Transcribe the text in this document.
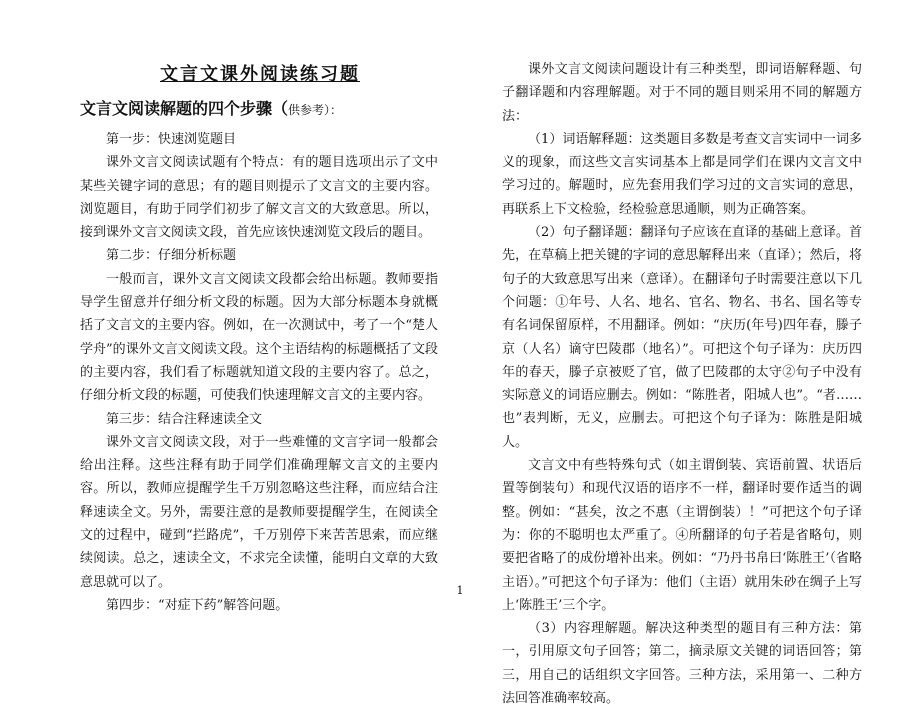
文言文课外阅读练习题
文言文阅读解题的四个步骤（供参考）：

第一步：快速浏览题目

课外文言文阅读试题有个特点：有的题目选项出示了文中某些关键字词的意思；有的题目则提示了文言文的主要内容。浏览题目，有助于同学们初步了解文言文的大致意思。所以，接到课外文言文阅读文段，首先应该快速浏览文段后的题目。

第二步：仔细分析标题

一般而言，课外文言文阅读文段都会给出标题。教师要指导学生留意并仔细分析文段的标题。因为大部分标题本身就概括了文言文的主要内容。例如，在一次测试中，考了一个“楚人学舟”的课外文言文阅读文段。这个主语结构的标题概括了文段的主要内容，我们看了标题就知道文段的主要内容了。总之，仔细分析文段的标题，可使我们快速理解文言文的主要内容。

第三步：结合注释速读全文

课外文言文阅读文段，对于一些难懂的文言字词一般都会给出注释。这些注释有助于同学们准确理解文言文的主要内容。所以，教师应提醒学生千万别忽略这些注释，而应结合注释速读全文。另外，需要注意的是教师要提醒学生，在阅读全文的过程中，碰到“拦路虎”，千万别停下来苦苦思索，而应继续阅读。总之，速读全文，不求完全读懂，能明白文章的大致意思就可以了。

第四步：“对症下药”解答问题。

课外文言文阅读问题设计有三种类型，即词语解释题、句子翻译题和内容理解题。对于不同的题目则采用不同的解题方法：

（1）词语解释题：这类题目多数是考查文言实词中一词多义的现象，而这些文言实词基本上都是同学们在课内文言文中学习过的。解题时，应先套用我们学习过的文言实词的意思，再联系上下文检验，经检验意思通顺，则为正确答案。

（2）句子翻译题：翻译句子应该在直译的基础上意译。首先，在草稿上把关键的字词的意思解释出来（直译）；然后，将句子的大致意思写出来（意译）。在翻译句子时需要注意以下几个问题：①年号、人名、地名、官名、物名、书名、国名等专有名词保留原样，不用翻译。例如：“庆历(年号)四年春，滕子京（人名）谪守巴陵郡（地名）”。可把这个句子译为：庆历四年的春天，滕子京被贬了官，做了巴陵郡的太守②句子中没有实际意义的词语应删去。例如：“陈胜者，阳城人也”。“者……也”表判断，无义，应删去。可把这个句子译为：陈胜是阳城人。

文言文中有些特殊句式（如主谓倒装、宾语前置、状语后置等倒装句）和现代汉语的语序不一样，翻译时要作适当的调整。例如：“甚矣，汝之不惠（主谓倒装）！”可把这个句子译为：你的不聪明也太严重了。④所翻译的句子若是省略句，则要把省略了的成份增补出来。例如：“乃丹书帛曰‘陈胜王’（省略主语）。”可把这个句子译为：他们（主语）就用朱砂在绸子上写上‘陈胜王’三个字。

（3）内容理解题。解决这种类型的题目有三种方法：第一，引用原文句子回答；第二，摘录原文关键的词语回答；第三，用自己的话组织文字回答。三种方法，采用第一、二种方法回答准确率较高。

1
